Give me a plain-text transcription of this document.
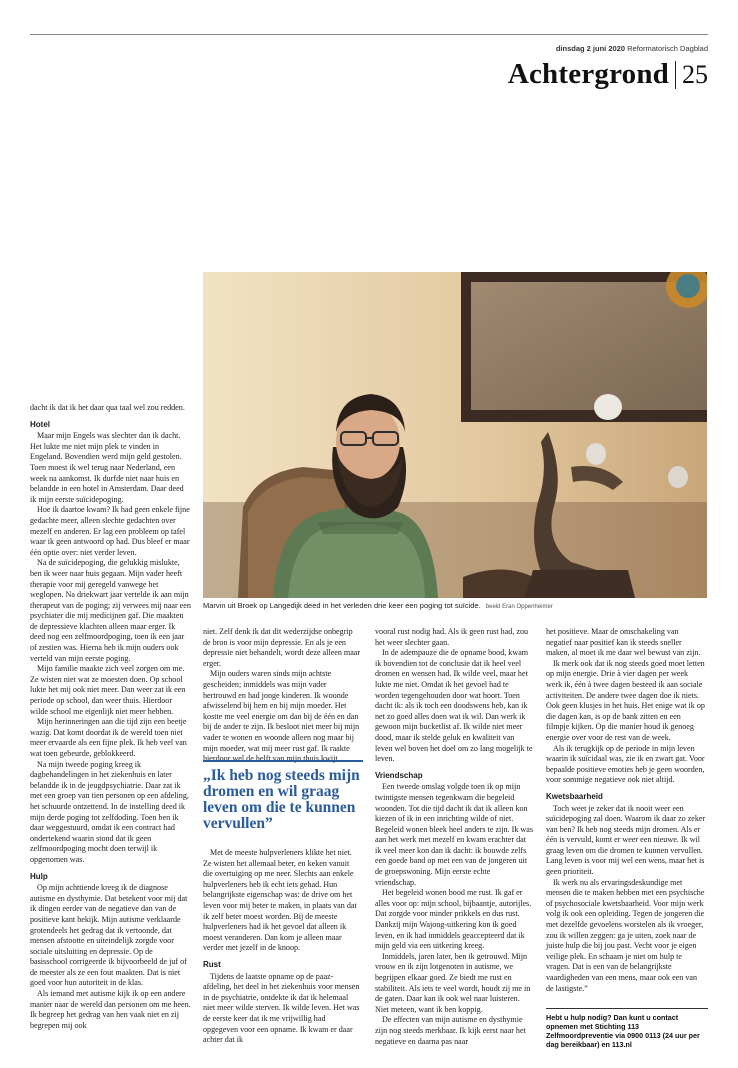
dinsdag 2 juni 2020 Reformatorisch Dagblad
Achtergrond 25
Marvin uit Broek op Langedijk deed in het verleden drie keer een poging tot suïcide. beeld Eran Oppenheimer

dacht ik dat ik het daar qua taal wel zou redden.

Hotel

Maar mijn Engels was slechter dan ik dacht. Het lukte me niet mijn plek te vinden in Engeland. Bovendien werd mijn geld gestolen. Toen moest ik wel terug naar Nederland, een week na aankomst. Ik durfde niet naar huis en belandde in een hotel in Amsterdam. Daar deed ik mijn eerste suïcidepoging.

Hoe ik daartoe kwam? Ik had geen enkele fijne gedachte meer, alleen slechte gedachten over mezelf en anderen. Er lag een probleem op tafel waar ik geen antwoord op had. Dus bleef er maar één optie over: niet verder leven.

Na de suïcidepoging, die gelukkig mislukte, ben ik weer naar huis gegaan. Mijn vader heeft therapie voor mij geregeld vanwege het weglopen. Na driekwart jaar vertelde ik aan mijn therapeut van de poging; zij verwees mij naar een psychiater die mij medicijnen gaf. Die maakten de depressieve klachten alleen maar erger. Ik deed nog een zelfmoordpoging, toen ik een jaar of zestien was. Hierna heb ik mijn ouders ook verteld van mijn eerste poging.

Mijn familie maakte zich veel zorgen om me. Ze wisten niet wat ze moesten doen. Op school lukte het mij ook niet meer. Dan weer zat ik een periode op school, dan weer thuis. Hierdoor wilde school me eigenlijk niet meer hebben.

Mijn herinneringen aan die tijd zijn een beetje wazig. Dat komt doordat ik de wereld toen niet meer ervaarde als een fijne plek. Ik heb veel van wat toen gebeurde, geblokkeerd.

Na mijn tweede poging kreeg ik dagbehandelingen in het ziekenhuis en later belandde ik in de jeugdpsychiatrie. Daar zat ik met een groep van tien personen op een afdeling, het schuurde ontzettend. In de instelling deed ik mijn derde poging tot zelfdoding. Toen ben ik daar weggestuurd, omdat ik een contract had ondertekend waarin stond dat ik geen zelfmoordpoging mocht doen terwijl ik opgenomen was.

Hulp

Op mijn achttiende kreeg ik de diagnose autisme en dysthymie. Dat betekent voor mij dat ik dingen eerder van de negatieve dan van de positieve kant bekijk. Mijn autisme verklaarde grotendeels het gedrag dat ik vertoonde, dat mensen afstootte en uiteindelijk zorgde voor sociale uitsluiting en depressie. Op de basisschool corrigeerde ik bijvoorbeeld de juf of de meester als ze een fout maakten. Dat is niet goed voor hun autoriteit in de klas.

Als iemand met autisme kijk ik op een andere manier naar de wereld dan personen om me heen. Ik begreep het gedrag van hen vaak niet en zij begrepen mij ook

niet. Zelf denk ik dat dit wederzijdse onbegrip de bron is voor mijn depressie. En als je een depressie niet behandelt, wordt deze alleen maar erger.

Mijn ouders waren sinds mijn achtste gescheiden; inmiddels was mijn vader hertrouwd en had jonge kinderen. Ik woonde afwisselend bij hem en bij mijn moeder. Het kostte me veel energie om dan bij de één en dan bij de ander te zijn. Ik besloot niet meer bij mijn vader te wonen en woonde alleen nog maar bij mijn moeder, wat mij meer rust gaf. Ik raakte hierdoor wel de helft van mijn thuis kwijt.

„Ik heb nog steeds mijn dromen en wil graag leven om die te kunnen vervullen”

Met de meeste hulpverleners klikte het niet. Ze wisten het allemaal beter, en keken vanuit die overtuiging op me neer. Slechts aan enkele hulpverleners heb ik echt iets gehad. Hun belangrijkste eigenschap was: de drive om het leven voor mij beter te maken, in plaats van dat ik zelf beter moest worden. Bij de meeste hulpverleners had ik het gevoel dat alleen ik moest veranderen. Dan kom je alleen maar verder met jezelf in de knoop.

Rust

Tijdens de laatste opname op de paaz-afdeling, het deel in het ziekenhuis voor mensen in de psychiatrie, ontdekte ik dat ik helemaal niet meer wilde sterven. Ik wilde leven. Het was de eerste keer dat ik me vrijwillig had opgegeven voor een opname. Ik kwam er daar achter dat ik

vooral rust nodig had. Als ik geen rust had, zou het weer slechter gaan.

In de adempauze die de opname bood, kwam ik bovendien tot de conclusie dat ik heel veel dromen en wensen had. Ik wilde veel, maar het lukte me niet. Omdat ik het gevoel had te worden tegengehouden door wat hoort. Toen dacht ik: als ik toch een doodswens heb, kan ik net zo goed alles doen wat ik wil. Dan werk ik gewoon mijn bucketlist af. Ik wilde niet meer dood, maar ik stelde geluk en kwaliteit van leven wel boven het doel om zo lang mogelijk te leven.

Vriendschap

Een tweede omslag volgde toen ik op mijn twintigste mensen tegenkwam die begeleid woonden. Tot die tijd dacht ik dat ik alleen kon kiezen of ik in een inrichting wilde of niet. Begeleid wonen bleek heel anders te zijn. Ik was aan het werk met mezelf en kwam erachter dat ik veel meer kon dan ik dacht: ik bouwde zelfs een goede band op met een van de jongeren uit de groepswoning. Mijn eerste echte vriendschap.

Het begeleid wonen bood me rust. Ik gaf er alles voor op: mijn school, bijbaantje, autorijles. Dat zorgde voor minder prikkels en dus rust. Dankzij mijn Wajong-uitkering kon ik goed leven, en ik had inmiddels geaccepteerd dat ik mijn geld via een uitkering kreeg.

Inmiddels, jaren later, ben ik getrouwd. Mijn vrouw en ik zijn lotgenoten in autisme, we begrijpen elkaar goed. Ze biedt me rust en stabiliteit. Als iets te veel wordt, houdt zij me in de gaten. Daar kan ik ook wel naar luisteren. Niet meteen, want ik ben koppig.

De effecten van mijn autisme en dysthymie zijn nog steeds merkbaar. Ik kijk eerst naar het negatieve en daarna pas naar

het positieve. Maar de omschakeling van negatief naar positief kan ik steeds sneller maken, al moet ik me daar wel bewust van zijn.

Ik merk ook dat ik nog steeds goed moet letten op mijn energie. Drie à vier dagen per week werk ik, één à twee dagen besteed ik aan sociale activiteiten. De andere twee dagen doe ik niets. Ook geen klusjes in het huis. Het enige wat ik op die dagen kan, is op de bank zitten en een filmpje kijken. Op die manier houd ik genoeg energie over voor de rest van de week.

Als ik terugkijk op de periode in mijn leven waarin ik suïcidaal was, zie ik en zwart gat. Voor bepaalde positieve emoties heb je geen woorden, voor sommige negatieve ook niet altijd.

Kwetsbaarheid

Toch weet je zeker dat ik nooit weer een suïcidepoging zal doen. Waarom ik daar zo zeker van ben? Ik heb nog steeds mijn dromen. Als er één is vervuld, komt er weer een nieuwe. Ik wil graag leven om die dromen te kunnen vervullen. Lang leven is voor mij wel een wens, maar het is geen prioriteit.

Ik werk nu als ervaringsdeskundige met mensen die te maken hebben met een psychische of psychosociale kwetsbaarheid. Voor mijn werk volg ik ook een opleiding. Tegen de jongeren die met dezelfde gevoelens worstelen als ik vroeger, zou ik willen zeggen: ga je uiten, zoek naar de juiste hulp die bij jou past. Vecht voor je eigen veilige plek. En schaam je niet om hulp te vragen. Dat is een van de belangrijkste vaardigheden van een mens, maar ook een van de lastigste.”

Hebt u hulp nodig? Dan kunt u contact opnemen met Stichting 113 Zelfmoordpreventie via 0900 0113 (24 uur per dag bereikbaar) en 113.nl
